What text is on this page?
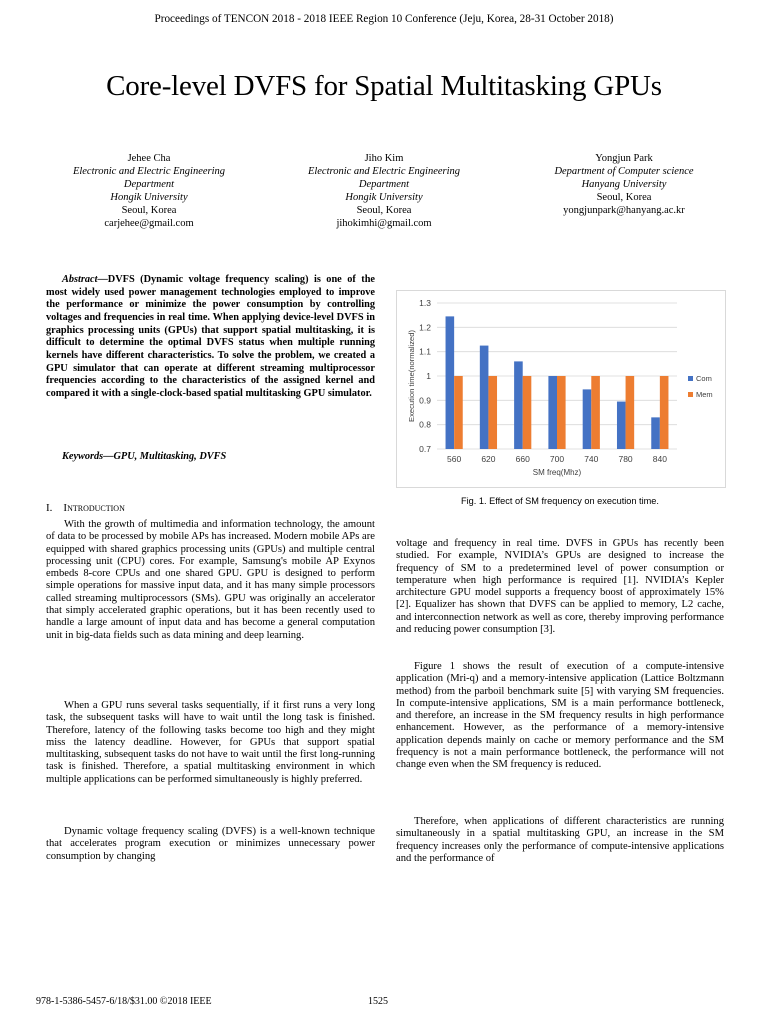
Proceedings of TENCON 2018 - 2018 IEEE Region 10 Conference (Jeju, Korea, 28-31 October 2018)
Core-level DVFS for Spatial Multitasking GPUs
Jehee Cha
Electronic and Electric Engineering
Department
Hongik University
Seoul, Korea
carjehee@gmail.com
Jiho Kim
Electronic and Electric Engineering
Department
Hongik University
Seoul, Korea
jihokimhi@gmail.com
Yongjun Park
Department of Computer science
Hanyang University
Seoul, Korea
yongjunpark@hanyang.ac.kr
Abstract—DVFS (Dynamic voltage frequency scaling) is one of the most widely used power management technologies employed to improve the performance or minimize the power consumption by controlling voltages and frequencies in real time. When applying device-level DVFS in graphics processing units (GPUs) that support spatial multitasking, it is difficult to determine the optimal DVFS status when multiple running kernels have different characteristics. To solve the problem, we created a GPU simulator that can operate at different streaming multiprocessor frequencies according to the characteristics of the assigned kernel and compared it with a single-clock-based spatial multitasking GPU simulator.
Keywords—GPU, Multitasking, DVFS
I. Introduction
With the growth of multimedia and information technology, the amount of data to be processed by mobile APs has increased. Modern mobile APs are equipped with shared graphics processing units (GPUs) and multiple central processing unit (CPU) cores. For example, Samsung's mobile AP Exynos embeds 8-core CPUs and one shared GPU. GPU is designed to perform simple operations for massive input data, and it has many simple processors called streaming multiprocessors (SMs). GPU was originally an accelerator that simply accelerated graphic operations, but it has been recently used to handle a large amount of input data and has become a general computation unit in big-data fields such as data mining and deep learning.
When a GPU runs several tasks sequentially, if it first runs a very long task, the subsequent tasks will have to wait until the long task is finished. Therefore, latency of the following tasks become too high and they might miss the latency deadline. However, for GPUs that support spatial multitasking, subsequent tasks do not have to wait until the first long-running task is finished. Therefore, a spatial multitasking environment in which multiple applications can be performed simultaneously is highly preferred.
Dynamic voltage frequency scaling (DVFS) is a well-known technique that accelerates program execution or minimizes unnecessary power consumption by changing
voltage and frequency in real time. DVFS in GPUs has recently been studied. For example, NVIDIA’s GPUs are designed to increase the frequency of SM to a predetermined level of power consumption or temperature when high performance is required [1]. NVIDIA’s Kepler architecture GPU model supports a frequency boost of approximately 15% [2]. Equalizer has shown that DVFS can be applied to memory, L2 cache, and interconnection network as well as core, thereby improving performance and reducing power consumption [3].
Figure 1 shows the result of execution of a compute-intensive application (Mri-q) and a memory-intensive application (Lattice Boltzmann method) from the parboil benchmark suite [5] with varying SM frequencies. In compute-intensive applications, SM is a main performance bottleneck, and therefore, an increase in the SM frequency results in high performance enhancement. However, as the performance of a memory-intensive application depends mainly on cache or memory performance and the SM frequency is not a main performance bottleneck, the performance will not change even when the SM frequency is reduced.
Therefore, when applications of different characteristics are running simultaneously in a spatial multitasking GPU, an increase in the SM frequency increases only the performance of compute-intensive applications and the performance of
0.7
0.8
0.9
1
1.1
1.2
1.3
560 620 660 700 740 780 840
SM freq(Mhz)
Execution time(normalized)	Com
Mem
Fig. 1. Effect of SM frequency on execution time.
978-1-5386-5457-6/18/$31.00 ©2018 IEEE	1525
